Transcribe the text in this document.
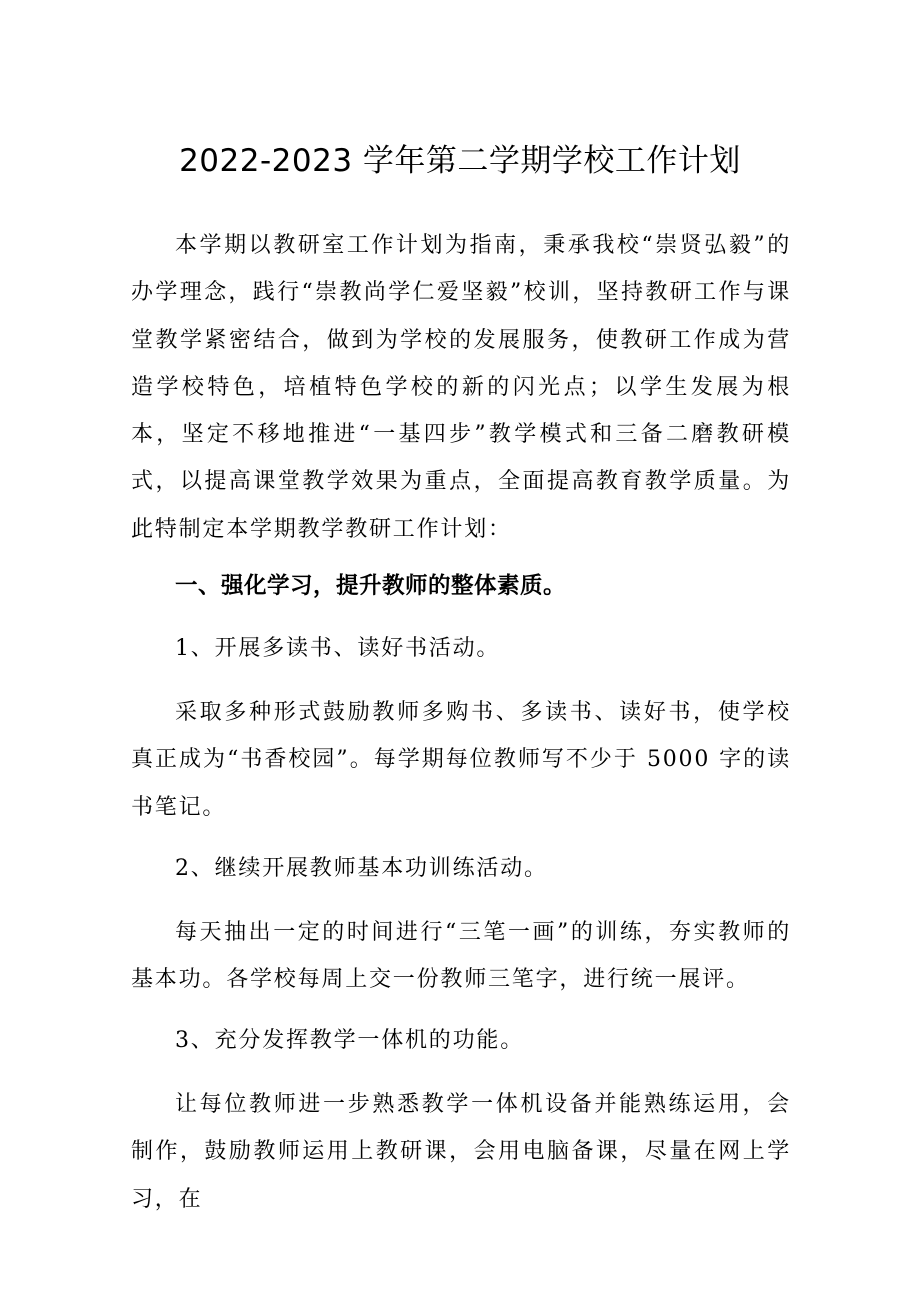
2022-2023 学年第二学期学校工作计划

本学期以教研室工作计划为指南，秉承我校“崇贤弘毅”的办学理念，践行“崇教尚学仁爱坚毅”校训，坚持教研工作与课堂教学紧密结合，做到为学校的发展服务，使教研工作成为营造学校特色，培植特色学校的新的闪光点；以学生发展为根本，坚定不移地推进“一基四步”教学模式和三备二磨教研模式，以提高课堂教学效果为重点，全面提高教育教学质量。为此特制定本学期教学教研工作计划：

一、强化学习，提升教师的整体素质。

1、开展多读书、读好书活动。

采取多种形式鼓励教师多购书、多读书、读好书，使学校真正成为“书香校园”。每学期每位教师写不少于 5000 字的读书笔记。

2、继续开展教师基本功训练活动。

每天抽出一定的时间进行“三笔一画”的训练，夯实教师的基本功。各学校每周上交一份教师三笔字，进行统一展评。

3、充分发挥教学一体机的功能。

让每位教师进一步熟悉教学一体机设备并能熟练运用，会制作，鼓励教师运用上教研课，会用电脑备课，尽量在网上学习，在
